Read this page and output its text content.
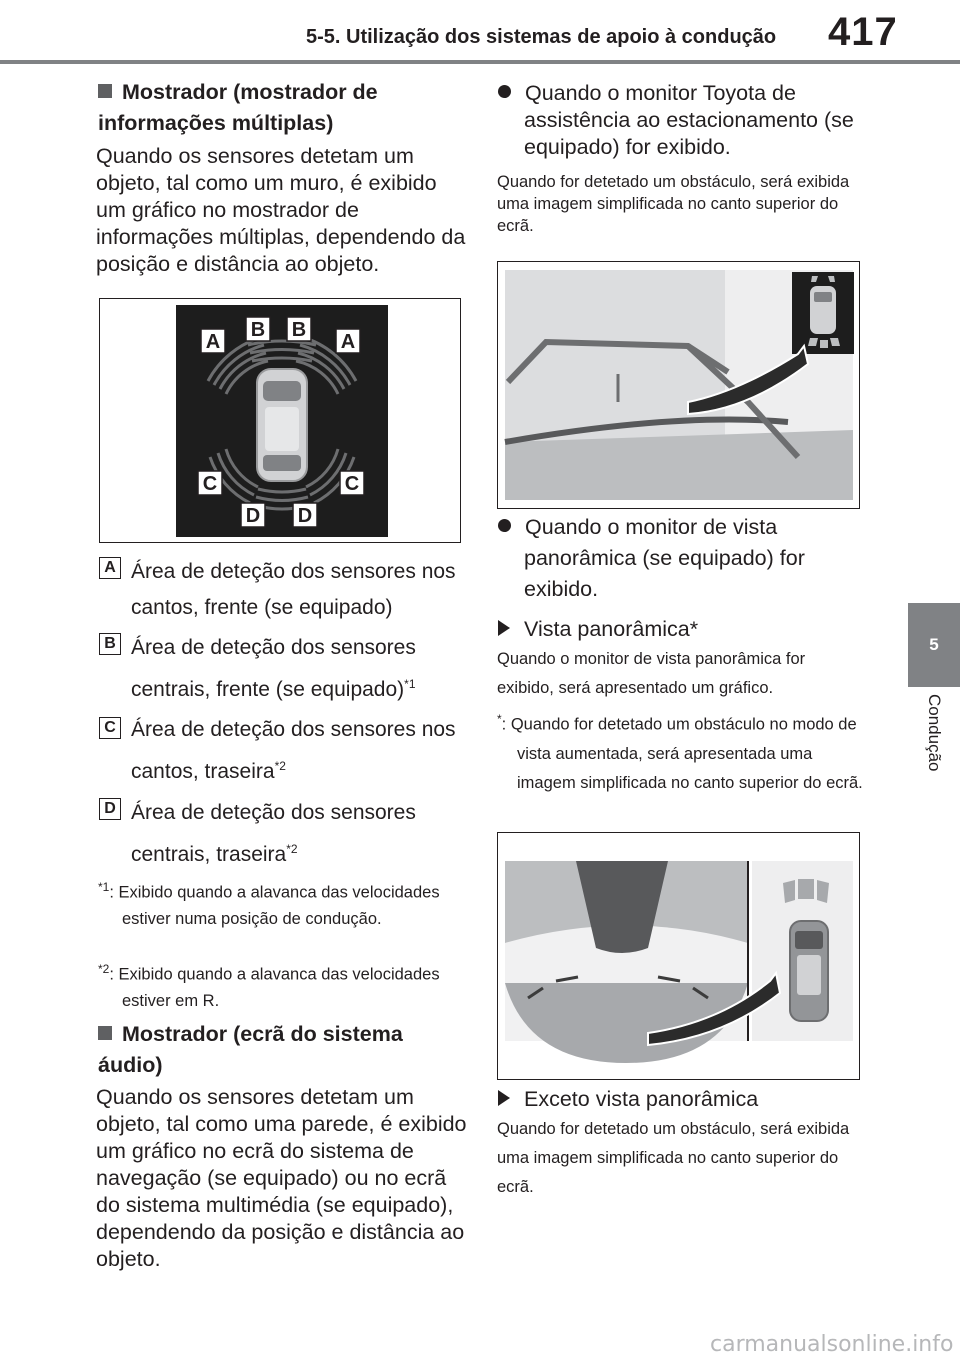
5-5. Utilização dos sistemas de apoio à condução 417
5
Condução
Mostrador (mostrador de informações múltiplas)
Quando os sensores detetam um objeto, tal como um muro, é exibido um gráfico no mostrador de informações múltiplas, dependendo da posição e distância ao objeto.
A
B B
A
C	C
D D
A Área de deteção dos sensores nos cantos, frente (se equipado)
B Área de deteção dos sensores centrais, frente (se equipado)$^{*1}$
C Área de deteção dos sensores nos cantos, traseira$^{*2}$
D Área de deteção dos sensores centrais, traseira$^{*2}$
$^{*1}$: Exibido quando a alavanca das velocidades estiver numa posição de condução.
$^{*2}$: Exibido quando a alavanca das velocidades estiver em R.
Mostrador (ecrã do sistema áudio)
Quando os sensores detetam um objeto, tal como uma parede, é exibido um gráfico no ecrã do sistema de navegação (se equipado) ou no ecrã do sistema multimédia (se equipado), dependendo da posição e distância ao objeto.
Quando o monitor Toyota de assistência ao estacionamento (se equipado) for exibido.
Quando for detetado um obstáculo, será exibida uma imagem simplificada no canto superior do ecrã.
Quando o monitor de vista panorâmica (se equipado) for exibido.
Vista panorâmica*
Quando o monitor de vista panorâmica for exibido, será apresentado um gráfico.
*: Quando for detetado um obstáculo no modo de vista aumentada, será apresentada uma imagem simplificada no canto superior do ecrã.
Exceto vista panorâmica
Quando for detetado um obstáculo, será exibida uma imagem simplificada no canto superior do ecrã.
carmanualsonline.info
